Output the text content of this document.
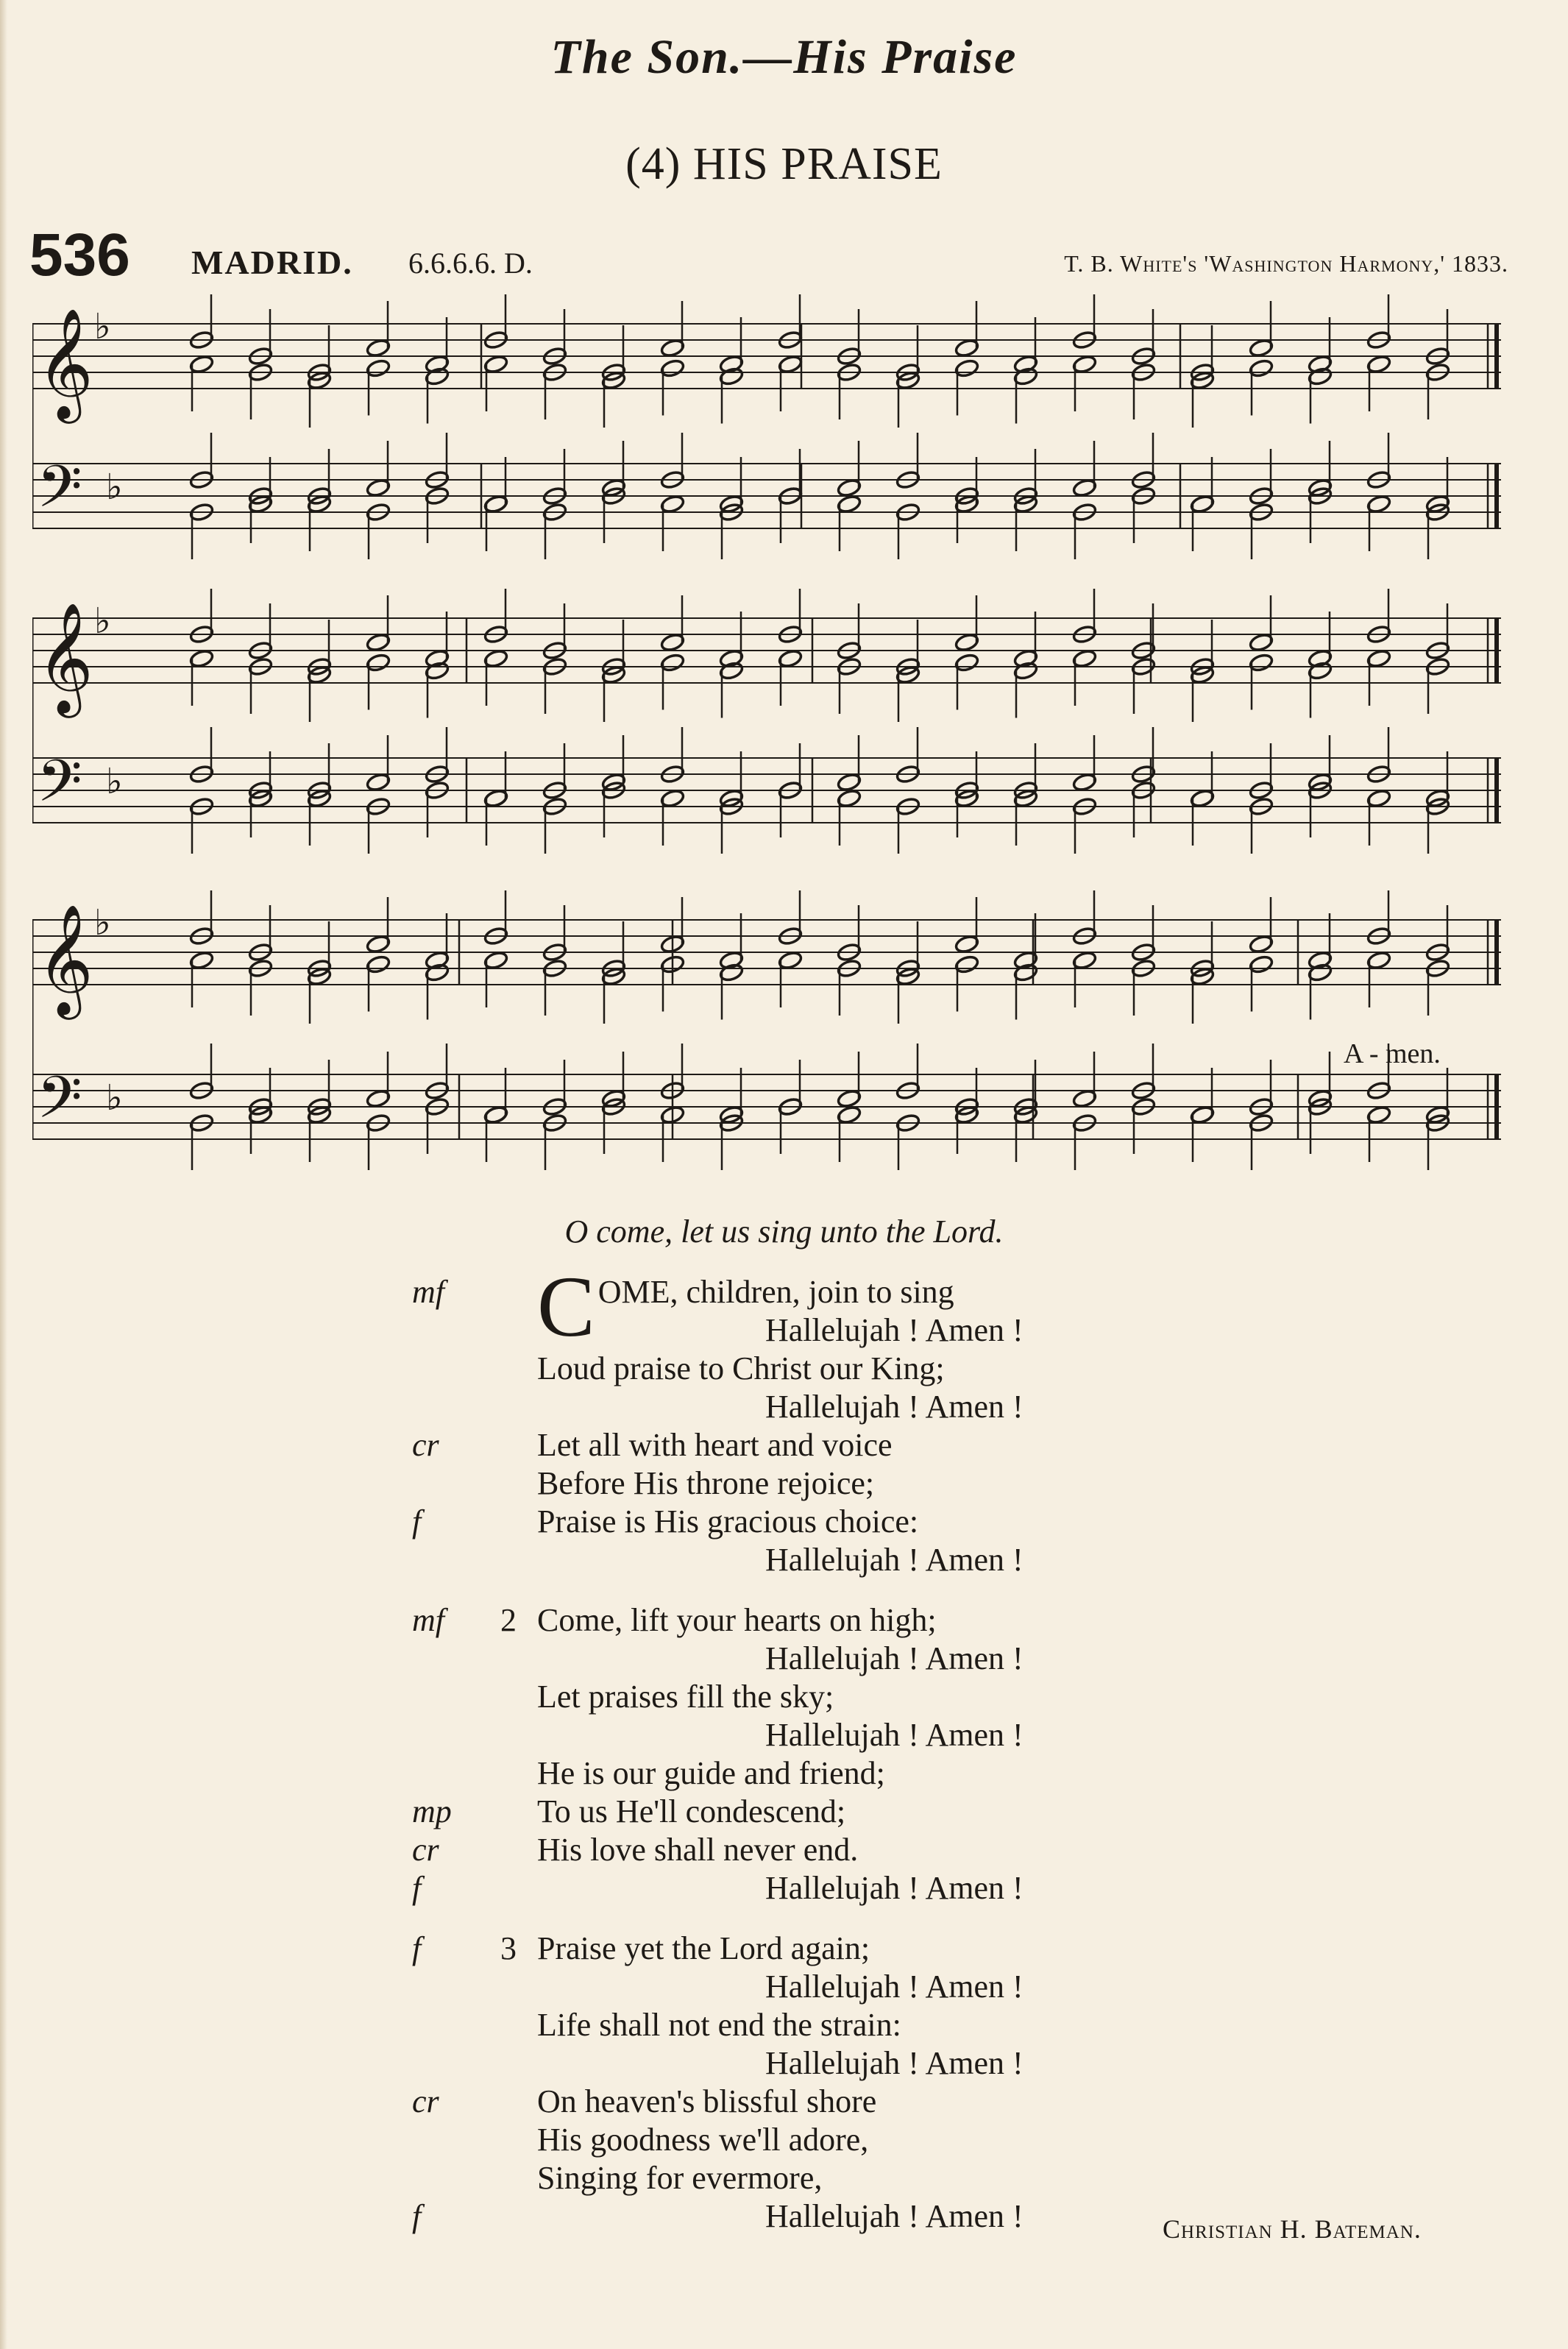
The Son.—His Praise
(4) HIS PRAISE
536 MADRID. 6.6.6.6. D.	T. B. White's 'Washington Harmony,' 1833.
𝄞 ♭
𝄢 ♭
𝄞 ♭
𝄢 ♭
𝄞 ♭
𝄢 ♭
A - men.
O come, let us sing unto the Lord.
mf	COME, children, join to sing
Hallelujah ! Amen !
Loud praise to Christ our King;
Hallelujah ! Amen !
cr	Let all with heart and voice
Before His throne rejoice;
f	Praise is His gracious choice:
Hallelujah ! Amen !
mf	2 Come, lift your hearts on high;
Hallelujah ! Amen !
Let praises fill the sky;
Hallelujah ! Amen !
He is our guide and friend;
mp	To us He'll condescend;
cr	His love shall never end.
f	Hallelujah ! Amen !
f	3 Praise yet the Lord again;
Hallelujah ! Amen !
Life shall not end the strain:
Hallelujah ! Amen !
cr	On heaven's blissful shore
His goodness we'll adore,
Singing for evermore,
f	Hallelujah ! Amen !	Christian H. Bateman.
